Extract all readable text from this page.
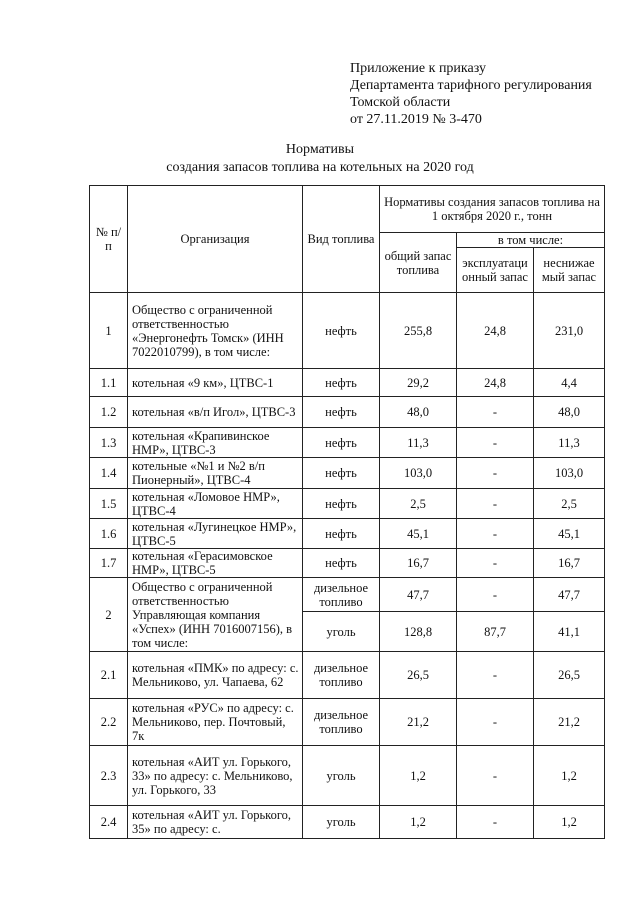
Приложение к приказу
Департамента тарифного регулирования
Томской области
от 27.11.2019 № 3-470
Нормативы
создания запасов топлива на котельных на 2020 год
№ п/п	Организация	Вид топлива	Нормативы создания запасов топлива на 1 октября 2020 г., тонн		
			общий запас топлива	в том числе:	
				эксплуатаци онный запас	неснижае мый запас
1	Общество с ограниченной ответственностью «Энергонефть Томск» (ИНН 7022010799), в том числе:	нефть	255,8	24,8	231,0
1.1	котельная «9 км», ЦТВС-1	нефть	29,2	24,8	4,4
1.2	котельная «в/п Игол», ЦТВС-3	нефть	48,0	-	48,0
1.3	котельная «Крапивинское НМР», ЦТВС-3	нефть	11,3	-	11,3
1.4	котельные «№1 и №2 в/п Пионерный», ЦТВС-4	нефть	103,0	-	103,0
1.5	котельная «Ломовое НМР», ЦТВС-4	нефть	2,5	-	2,5
1.6	котельная «Лугинецкое НМР», ЦТВС-5	нефть	45,1	-	45,1
1.7	котельная «Герасимовское НМР», ЦТВС-5	нефть	16,7	-	16,7
2	Общество с ограниченной ответственностью Управляющая компания «Успех» (ИНН 7016007156), в том числе:	дизельное топливо	47,7	-	47,7
		уголь	128,8	87,7	41,1
2.1	котельная «ПМК» по адресу: с. Мельниково, ул. Чапаева, 62	дизельное топливо	26,5	-	26,5
2.2	котельная «РУС» по адресу: с. Мельниково, пер. Почтовый, 7к	дизельное топливо	21,2	-	21,2
2.3	котельная «АИТ ул. Горького, 33» по адресу: с. Мельниково, ул. Горького, 33	уголь	1,2	-	1,2
2.4	котельная «АИТ ул. Горького, 35» по адресу: с.	уголь	1,2	-	1,2
